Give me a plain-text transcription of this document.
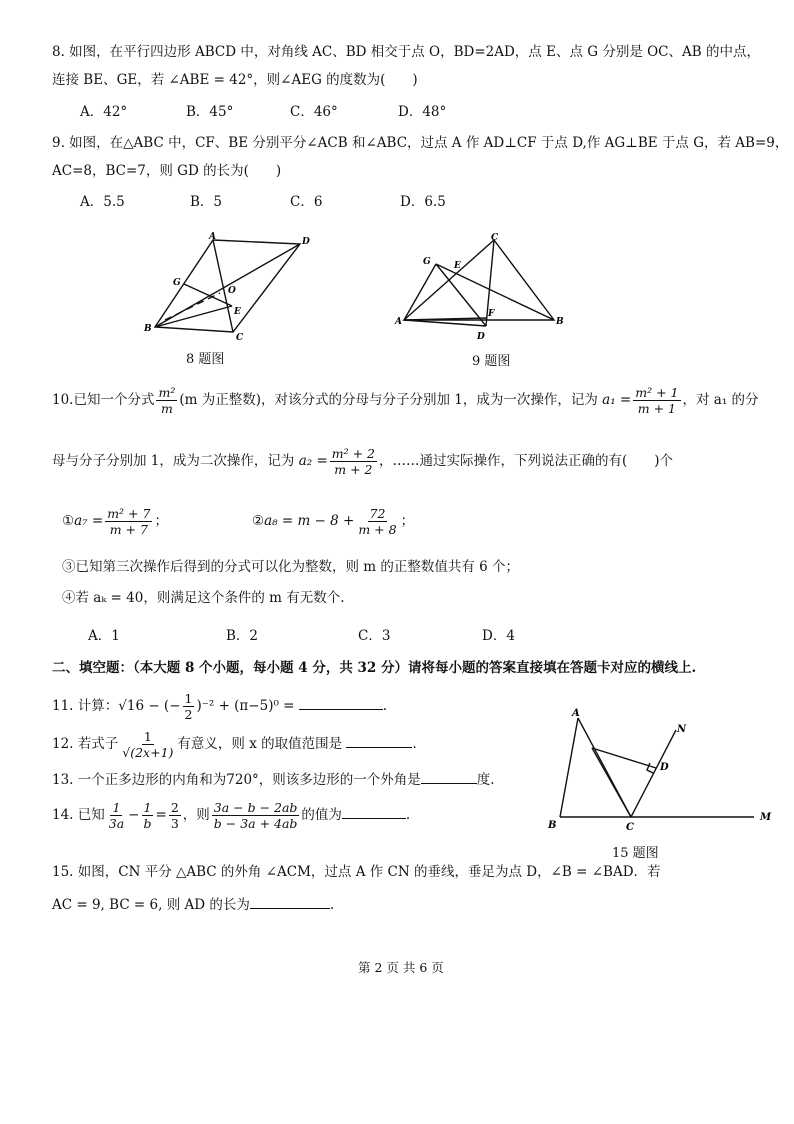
8. 如图，在平行四边形 ABCD 中，对角线 AC、BD 相交于点 O，BD=2AD，点 E、点 G 分别是 OC、AB 的中点，
连接 BE、GE，若 ∠ABE = 42°，则∠AEG 的度数为(　　)
A．42°	B．45°	C．46°	D．48°
9. 如图，在△ABC 中，CF、BE 分别平分∠ACB 和∠ABC，过点 A 作 AD⊥CF 于点 D,作 AG⊥BE 于点 G，若 AB=9，
AC=8，BC=7，则 GD 的长为(　　)
A．5.5	B．5	C．6	D．6.5
A	D
B
C
G
O
E
8 题图
C
A	B
G	E
F
D
9 题图
10.已知一个分式 $\frac{\text{m²}}{m} (m$ 为正整数)，对该分式的分母与分子分别加 1，成为一次操作，记为 $a_1 = \frac{\text{m² + 1}}{m + 1}$ ，对 a₁ 的分
母与分子分别加 1，成为二次操作，记为 $a_2 = \frac{\text{m² + 2}}{m + 2}$ ，……通过实际操作，下列说法正确的有(　　)个
①a₇ = $\frac{\text{m² + 7}}{m + 7}$ ；	②a₈ = $m - 8 + \frac{72}{m + 8}$ ；
③已知第三次操作后得到的分式可以化为整数，则 m 的正整数值共有 6 个；
④若 aₖ = 40，则满足这个条件的 m 有无数个.
A．1	B．2	C．3	D．4
二、填空题：（本大题 8 个小题，每小题 4 分，共 32 分）请将每小题的答案直接填在答题卡对应的横线上.
11. 计算：√16 − (− $\frac{1}{2} )^{-2} + (\pi-5)^0$ =	.
12. 若式子 $\frac{1}{√(2x+1)}$ 有意义，则 x 的取值范围是	.
13. 一个正多边形的内角和为720°，则该多边形的一个外角是	度.
14. 已知 $\frac{1}{3a} - \frac{1}{b} = \frac{2}{3}$ ，则 $\frac{3a - b - 2ab}{b - 3a + 4ab}$ 的值为	.
A
B	C
D
N
M
15 题图
15. 如图，CN 平分 △ABC 的外角 ∠ACM，过点 A 作 CN 的垂线，垂足为点 D，∠B = ∠BAD．若
AC = 9, BC = 6, 则 AD 的长为	.
第 2 页 共 6 页
